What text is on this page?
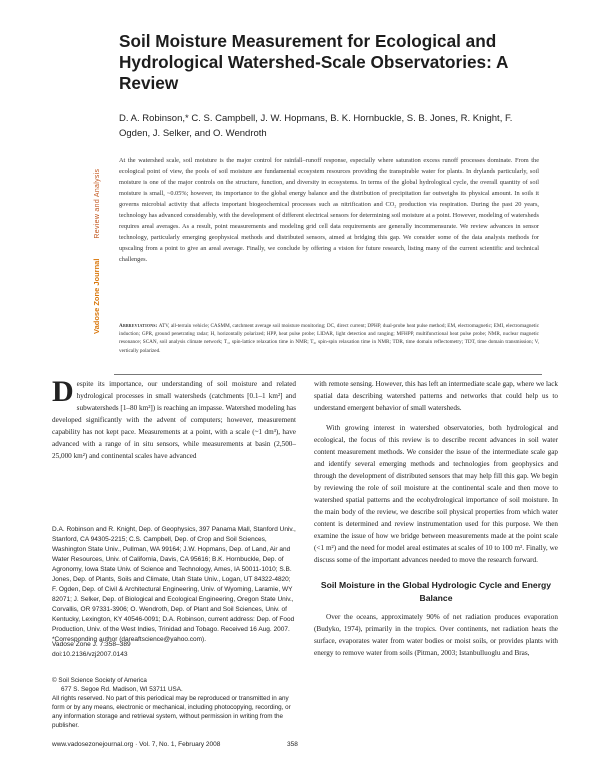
Vadose Zone Journal Review and Analysis
Soil Moisture Measurement for Ecological and Hydrological Watershed-Scale Observatories: A Review
D. A. Robinson,* C. S. Campbell, J. W. Hopmans, B. K. Hornbuckle, S. B. Jones, R. Knight, F. Ogden, J. Selker, and O. Wendroth
At the watershed scale, soil moisture is the major control for rainfall–runoff response, especially where saturation excess runoff processes dominate. From the ecological point of view, the pools of soil moisture are fundamental ecosystem resources providing the transpirable water for plants. In drylands particularly, soil moisture is one of the major controls on the structure, function, and diversity in ecosystems. In terms of the global hydrological cycle, the overall quantity of soil moisture is small, ~0.05%; however, its importance to the global energy balance and the distribution of precipitation far outweighs its physical amount. In soils it governs microbial activity that affects important biogeochemical processes such as nitrification and CO₂ production via respiration. During the past 20 years, technology has advanced considerably, with the development of different electrical sensors for determining soil moisture at a point. However, modeling of watersheds requires areal averages. As a result, point measurements and modeling grid cell data requirements are generally incommensurate. We review advances in sensor technology, particularly emerging geophysical methods and distributed sensors, aimed at bridging this gap. We consider some of the data analysis methods for upscaling from a point to give an areal average. Finally, we conclude by offering a vision for future research, listing many of the current scientific and technical challenges.
Abbreviations: ATV, all-terrain vehicle; CASMM, catchment average soil moisture monitoring; DC, direct current; DPHP, dual-probe heat pulse method; EM, electromagnetic; EMI, electromagnetic induction; GPR, ground penetrating radar; H, horizontally polarized; HPP, heat pulse probe; LIDAR, light detection and ranging; MFHPP, multifunctional heat pulse probe; NMR, nuclear magnetic resonance; SCAN, soil analysis climate network; T₁, spin-lattice relaxation time in NMR; T₂, spin-spin relaxation time in NMR; TDR, time domain reflectometry; TDT, time domain transmission; V, vertically polarized.
D espite its importance, our understanding of soil moisture and related hydrological processes in small watersheds (catchments [0.1–1 km²] and subwatersheds [1–80 km²]) is reaching an impasse. Watershed modeling has developed significantly with the advent of computers; however, measurement capability has not kept pace. Measurements at a point, with a scale (~1 dm³), have advanced with a range of in situ sensors, while measurements at basin (2,500–25,000 km²) and continental scales have advanced

D.A. Robinson and R. Knight, Dep. of Geophysics, 397 Panama Mall, Stanford Univ., Stanford, CA 94305-2215; C.S. Campbell, Dep. of Crop and Soil Sciences, Washington State Univ., Pullman, WA 99164; J.W. Hopmans, Dep. of Land, Air and Water Resources, Univ. of California, Davis, CA 95616; B.K. Hornbuckle, Dep. of Agronomy, Iowa State Univ. of Science and Technology, Ames, IA 50011-1010; S.B. Jones, Dep. of Plants, Soils and Climate, Utah State Univ., Logan, UT 84322-4820; F. Ogden, Dep. of Civil & Architectural Engineering, Univ. of Wyoming, Laramie, WY 82071; J. Selker, Dep. of Biological and Ecological Engineering, Oregon State Univ., Corvallis, OR 97331-3906; O. Wendroth, Dep. of Plant and Soil Sciences, Univ. of Kentucky, Lexington, KY 40546-0091; D.A. Robinson, current address: Dep. of Food Production, Univ. of the West Indies, Trinidad and Tobago. Received 16 Aug. 2007. *Corresponding author (dareaftscience@yahoo.com).
Vadose Zone J. 7:358–389
doi:10.2136/vzj2007.0143
© Soil Science Society of America
677 S. Segoe Rd. Madison, WI 53711 USA.
All rights reserved. No part of this periodical may be reproduced or transmitted in any form or by any means, electronic or mechanical, including photocopying, recording, or any information storage and retrieval system, without permission in writing from the publisher.

with remote sensing. However, this has left an intermediate scale gap, where we lack spatial data describing watershed patterns and networks that could help us to understand emergent behavior of small watersheds.

With growing interest in watershed observatories, both hydrological and ecological, the focus of this review is to describe recent advances in soil water content measurement methods. We consider the issue of the intermediate scale gap and identify several emerging methods and technologies from geophysics and through the development of distributed sensors that may help fill this gap. We begin by reviewing the role of soil moisture at the continental scale and then move to watershed spatial patterns and the ecohydrological importance of soil moisture. In the main body of the review, we describe soil physical properties from which water content is determined and review instrumentation used for this purpose. We then examine the issue of how we bridge between measurements made at the point scale (<1 m²) and the need for model areal estimates at scales of 10 to 100 m². Finally, we discuss some of the important advances needed to move the research forward.

Soil Moisture in the Global Hydrologic Cycle and Energy Balance

Over the oceans, approximately 90% of net radiation produces evaporation (Budyko, 1974), primarily in the tropics. Over continents, net radiation heats the surface, evaporates water from water bodies or moist soils, or provides plants with energy to remove water from soils (Pitman, 2003; Istanbulluoglu and Bras,

www.vadosezonejournal.org · Vol. 7, No. 1, February 2008	358
